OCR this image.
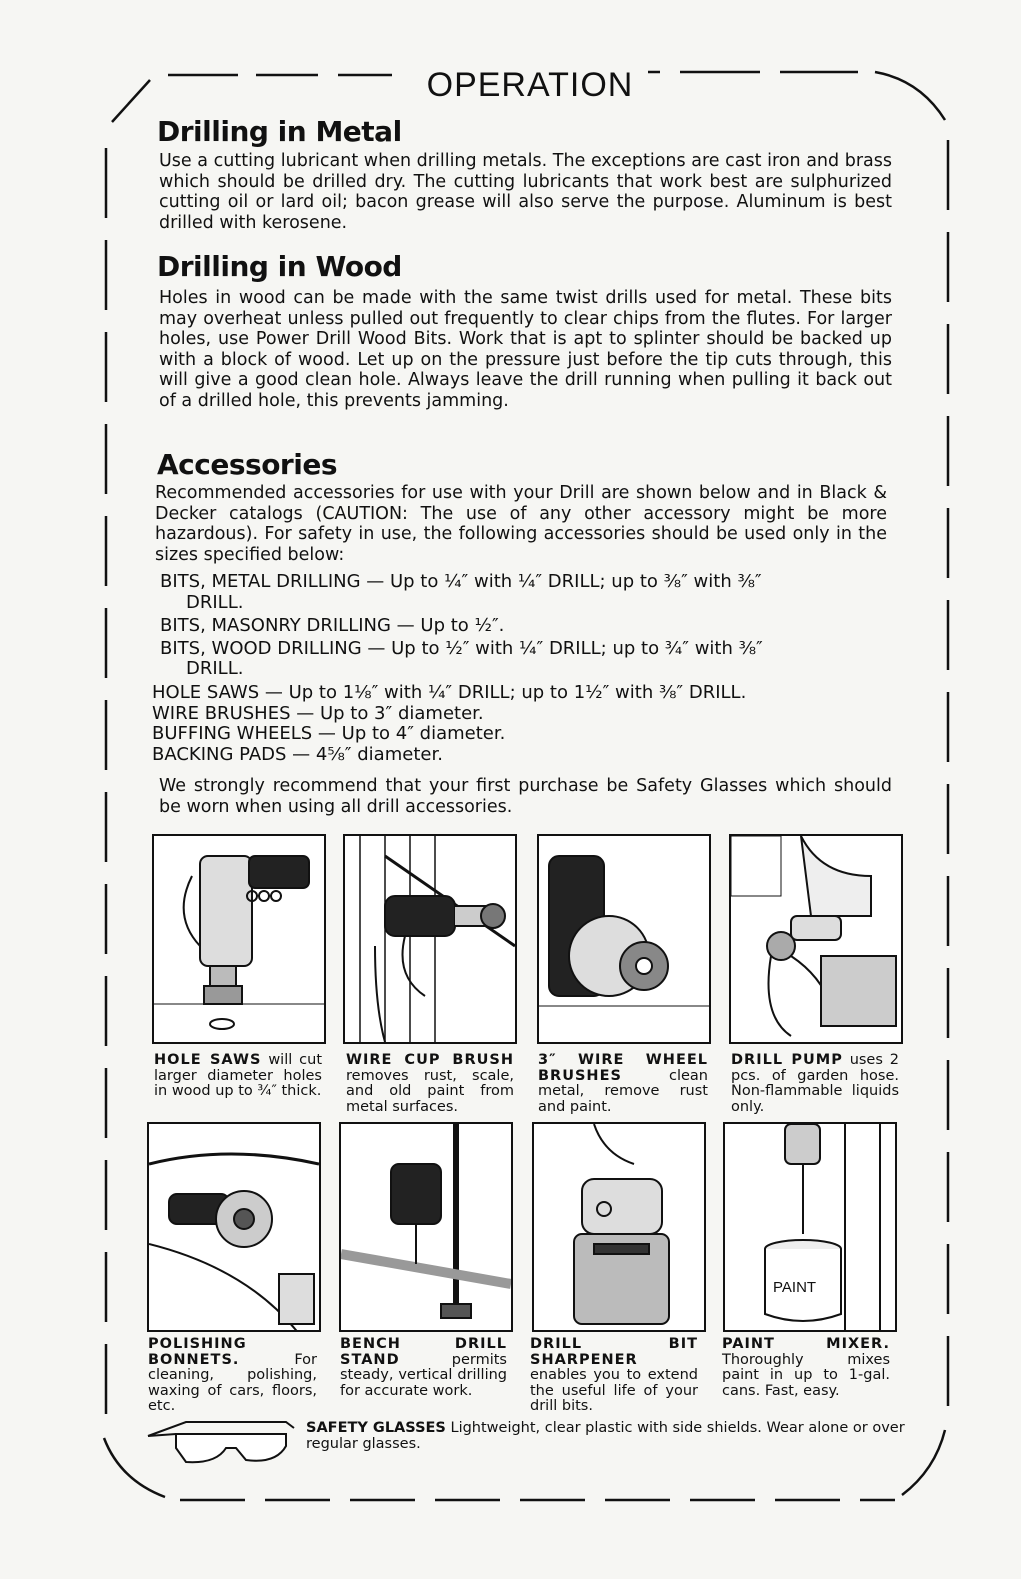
OPERATION
Drilling in Metal

Use a cutting lubricant when drilling metals. The exceptions are cast iron and brass which should be drilled dry. The cutting lubricants that work best are sulphurized cutting oil or lard oil; bacon grease will also serve the purpose. Aluminum is best drilled with kerosene.

Drilling in Wood

Holes in wood can be made with the same twist drills used for metal. These bits may overheat unless pulled out frequently to clear chips from the flutes. For larger holes, use Power Drill Wood Bits. Work that is apt to splinter should be backed up with a block of wood. Let up on the pressure just before the tip cuts through, this will give a good clean hole. Always leave the drill running when pulling it back out of a drilled hole, this prevents jamming.

Accessories

Recommended accessories for use with your Drill are shown below and in Black & Decker catalogs (CAUTION: The use of any other accessory might be more hazardous). For safety in use, the following accessories should be used only in the sizes specified below:

BITS, METAL DRILLING — Up to ¼″ with ¼″ DRILL; up to ⅜″ with ⅜″
DRILL.
BITS, MASONRY DRILLING — Up to ½″.
BITS, WOOD DRILLING — Up to ½″ with ¼″ DRILL; up to ¾″ with ⅜″
DRILL.
HOLE SAWS — Up to 1⅛″ with ¼″ DRILL; up to 1½″ with ⅜″ DRILL.
WIRE BRUSHES — Up to 3″ diameter.
BUFFING WHEELS — Up to 4″ diameter.
BACKING PADS — 4⅝″ diameter.

We strongly recommend that your first purchase be Safety Glasses which should be worn when using all drill accessories.

HOLE SAWS will cut larger diameter holes in wood up to ¾″ thick.
WIRE CUP BRUSH removes rust, scale, and old paint from metal surfaces.
3″ WIRE WHEEL BRUSHES	clean metal, remove rust and paint.
DRILL PUMP uses 2 pcs. of garden hose. Non-flammable liquids only.
PAINT
POLISHING BONNETS.	For cleaning, polishing, waxing of cars, floors, etc.
BENCH DRILL STAND	permits steady, vertical drilling for accurate work.
DRILL BIT SHARPENER enables you to extend the useful life of your drill bits.
PAINT MIXER. Thoroughly mixes paint in up to 1-gal. cans. Fast, easy.
SAFETY GLASSES Lightweight, clear plastic with side shields. Wear alone or over regular glasses.
